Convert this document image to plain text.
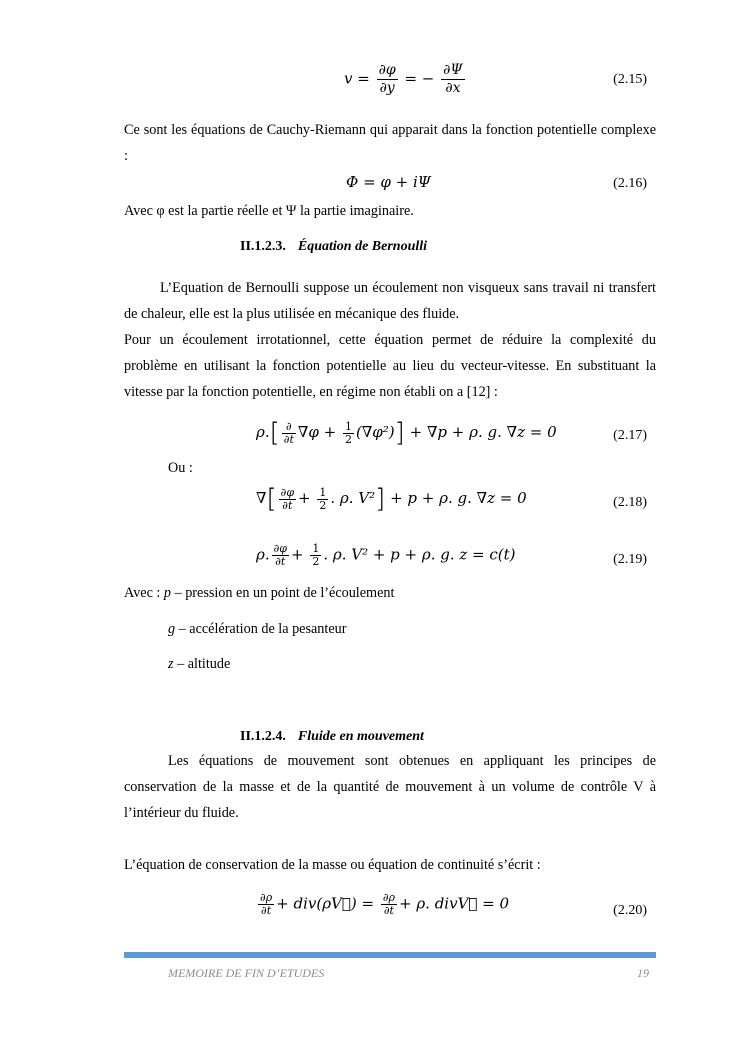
$v = \frac{\partial\varphi}{\partial y}$ = − $\frac{\partial\Psi}{\partial x}$	(2.15)
Ce sont les équations de Cauchy-Riemann qui apparait dans la fonction potentielle complexe :
Φ = φ + iΨ	(2.16)
Avec φ est la partie réelle et Ψ la partie imaginaire.
II.1.2.3. Équation de Bernoulli
L’Equation de Bernoulli suppose un écoulement non visqueux sans travail ni transfert de chaleur, elle est la plus utilisée en mécanique des fluide.
Pour un écoulement irrotationnel, cette équation permet de réduire la complexité du problème en utilisant la fonction potentielle au lieu du vecteur-vitesse. En substituant la vitesse par la fonction potentielle, en régime non établi on a [12] :
$\rho.[ \frac{\partial}{\partial t} \nabla\varphi + \frac{1}{2} (\nabla\varphi^2)] + \nabla p + \rho$. g. ∇z = 0	(2.17)
Ou :
∇[ $\frac{\partial\varphi}{\partial t} + \frac{1}{2}$ . ρ. V²] + p + ρ. g. ∇z = 0	(2.18)
ρ. $\frac{\partial\varphi}{\partial t} + \frac{1}{2}$ . ρ. V² + p + ρ. g. z = c(t)	(2.19)
Avec : p – pression en un point de l’écoulement
g – accélération de la pesanteur
z – altitude
II.1.2.4. Fluide en mouvement
Les équations de mouvement sont obtenues en appliquant les principes de conservation de la masse et de la quantité de mouvement à un volume de contrôle V à l’intérieur du fluide.
L’équation de conservation de la masse ou équation de continuité s’écrit :
$\frac{\partial\rho}{\partial t}$ + div(ρV⃗) = $\frac{\partial\rho}{\partial t} + \rho$. divV⃗ = 0	(2.20)
MEMOIRE DE FIN D’ETUDES	19
